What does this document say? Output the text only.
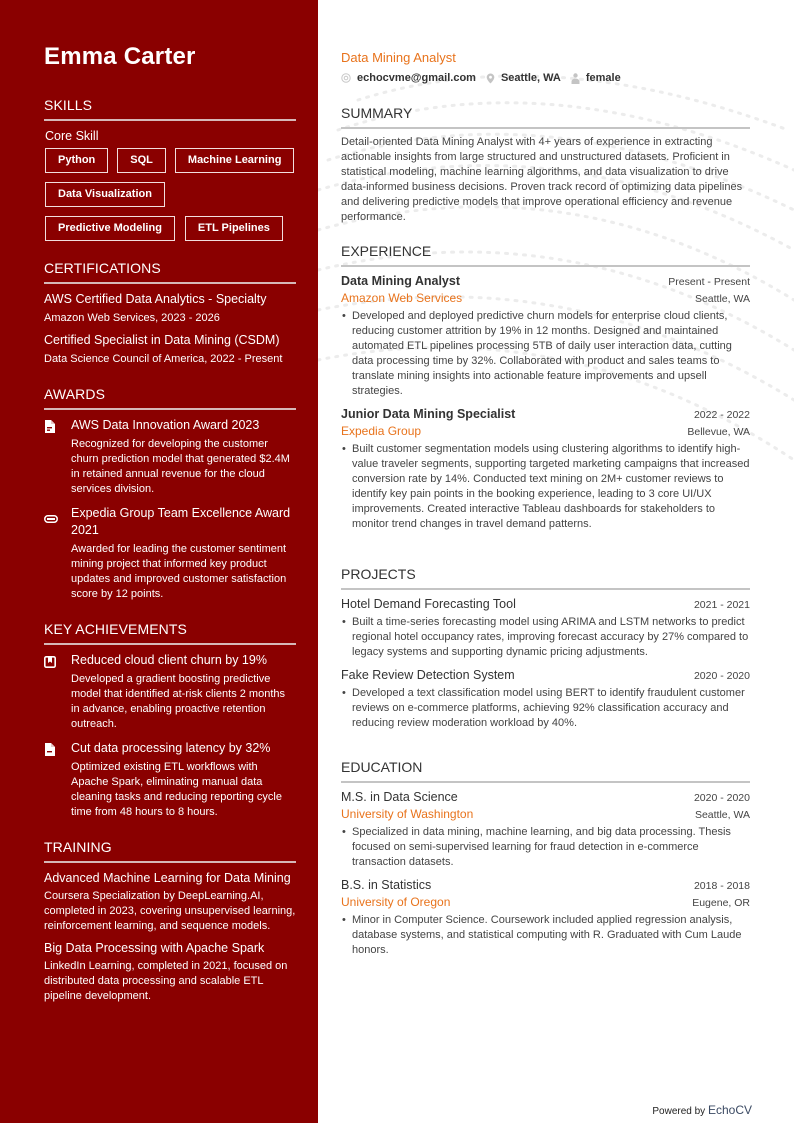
Emma Carter
SKILLS
Core Skill
Python	SQL	Machine Learning
Data Visualization
Predictive Modeling	ETL Pipelines
CERTIFICATIONS
AWS Certified Data Analytics - Specialty
Amazon Web Services, 2023 - 2026
Certified Specialist in Data Mining (CSDM)
Data Science Council of America, 2022 - Present
AWARDS
AWS Data Innovation Award 2023
Recognized for developing the customer churn prediction model that generated $2.4M in retained annual revenue for the cloud services division.
Expedia Group Team Excellence Award 2021
Awarded for leading the customer sentiment mining project that informed key product updates and improved customer satisfaction score by 12 points.
KEY ACHIEVEMENTS
Reduced cloud client churn by 19%
Developed a gradient boosting predictive model that identified at-risk clients 2 months in advance, enabling proactive retention outreach.
Cut data processing latency by 32%
Optimized existing ETL workflows with Apache Spark, eliminating manual data cleaning tasks and reducing reporting cycle time from 48 hours to 8 hours.
TRAINING
Advanced Machine Learning for Data Mining
Coursera Specialization by DeepLearning.AI, completed in 2023, covering unsupervised learning, reinforcement learning, and sequence models.
Big Data Processing with Apache Spark
LinkedIn Learning, completed in 2021, focused on distributed data processing and scalable ETL pipeline development.
Data Mining Analyst
echocvme@gmail.com Seattle, WA female
SUMMARY
Detail-oriented Data Mining Analyst with 4+ years of experience in extracting actionable insights from large structured and unstructured datasets. Proficient in statistical modeling, machine learning algorithms, and data visualization to drive data-informed business decisions. Proven track record of optimizing data pipelines and delivering predictive models that improve operational efficiency and revenue performance.
EXPERIENCE
Data Mining Analyst	Present - Present
Amazon Web Services	Seattle, WA
• Developed and deployed predictive churn models for enterprise cloud clients, reducing customer attrition by 19% in 12 months. Designed and maintained automated ETL pipelines processing 5TB of daily user interaction data, cutting data processing time by 32%. Collaborated with product and sales teams to translate mining insights into actionable feature improvements and upsell strategies.
Junior Data Mining Specialist	2022 - 2022
Expedia Group	Bellevue, WA
• Built customer segmentation models using clustering algorithms to identify high-value traveler segments, supporting targeted marketing campaigns that increased conversion rate by 14%. Conducted text mining on 2M+ customer reviews to identify key pain points in the booking experience, leading to 3 core UI/UX improvements. Created interactive Tableau dashboards for stakeholders to monitor trend changes in travel demand patterns.
PROJECTS
Hotel Demand Forecasting Tool	2021 - 2021
• Built a time-series forecasting model using ARIMA and LSTM networks to predict regional hotel occupancy rates, improving forecast accuracy by 27% compared to legacy systems and supporting dynamic pricing adjustments.
Fake Review Detection System	2020 - 2020
• Developed a text classification model using BERT to identify fraudulent customer reviews on e-commerce platforms, achieving 92% classification accuracy and reducing review moderation workload by 40%.
EDUCATION
M.S. in Data Science	2020 - 2020
University of Washington	Seattle, WA
• Specialized in data mining, machine learning, and big data processing. Thesis focused on semi-supervised learning for fraud detection in e-commerce transaction datasets.
B.S. in Statistics	2018 - 2018
University of Oregon	Eugene, OR
• Minor in Computer Science. Coursework included applied regression analysis, database systems, and statistical computing with R. Graduated with Cum Laude honors.
Powered by EchoCV
